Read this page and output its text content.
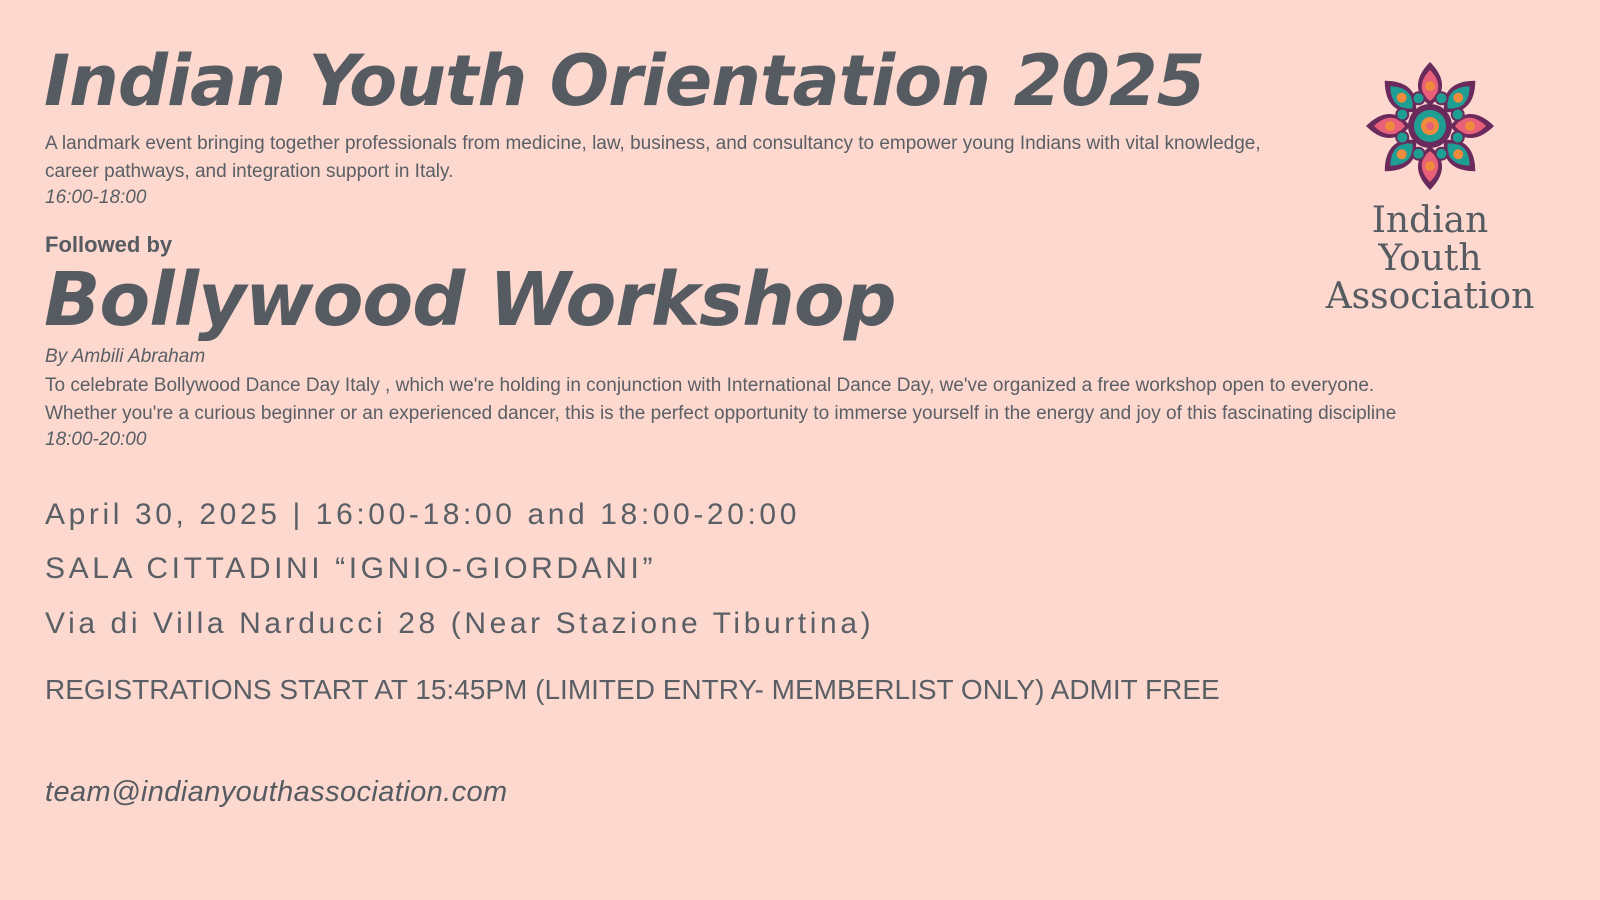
Indian Youth Orientation 2025
A landmark event bringing together professionals from medicine, law, business, and consultancy to empower young Indians with vital knowledge, career pathways, and integration support in Italy.
16:00-18:00
Followed by
Bollywood Workshop
By Ambili Abraham
To celebrate Bollywood Dance Day Italy , which we're holding in conjunction with International Dance Day, we've organized a free workshop open to everyone.
Whether you're a curious beginner or an experienced dancer, this is the perfect opportunity to immerse yourself in the energy and joy of this fascinating discipline
18:00-20:00
April 30, 2025 | 16:00-18:00 and 18:00-20:00
SALA CITTADINI “IGNIO-GIORDANI”
Via di Villa Narducci 28 (Near Stazione Tiburtina)
REGISTRATIONS START AT 15:45PM (LIMITED ENTRY- MEMBERLIST ONLY) ADMIT FREE
team@indianyouthassociation.com
Indian Youth
Association
